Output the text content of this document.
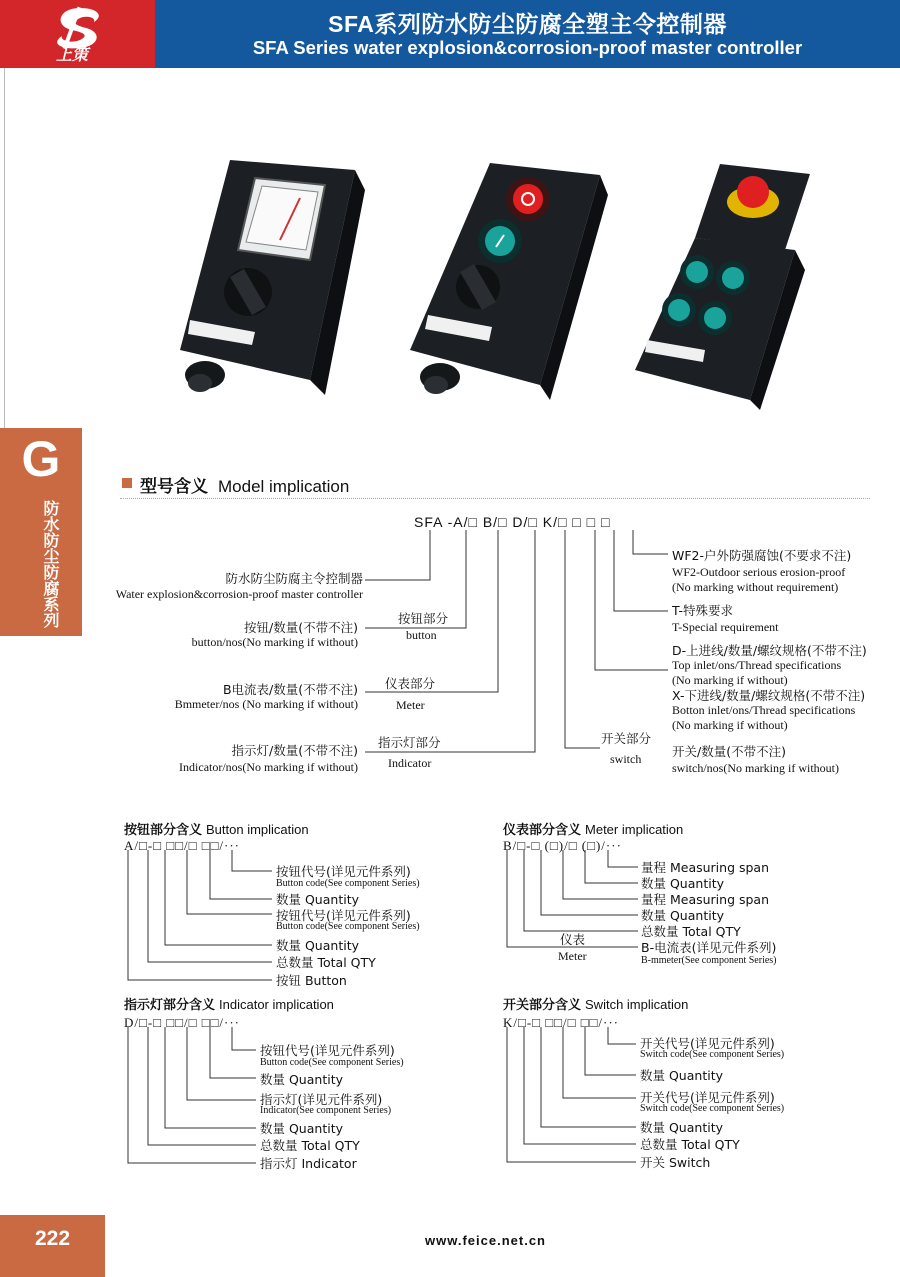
上策
SFA系列防水防尘防腐全塑主令控制器
SFA Series water explosion&corrosion-proof master controller
G
防水防尘防腐系列
型号含义 Model implication
SFA -A/□ B/□ D/□ K/□ □ □ □
防水防尘防腐主令控制器
Water explosion&corrosion-proof master controller
按钮部分
button
按钮/数量(不带不注)
button/nos(No marking if without)
仪表部分
Meter
B电流表/数量(不带不注)
Bmmeter/nos (No marking if without)
指示灯部分
Indicator
指示灯/数量(不带不注)
Indicator/nos(No marking if without)
开关部分
switch
WF2-户外防强腐蚀(不要求不注)
WF2-Outdoor serious erosion-proof
(No marking without requirement)
T-特殊要求
T-Special requirement
D-上进线/数量/螺纹规格(不带不注)
Top inlet/ons/Thread specifications
(No marking if without)
X-下进线/数量/螺纹规格(不带不注)
Botton inlet/ons/Thread specifications
(No marking if without)
开关/数量(不带不注)
switch/nos(No marking if without)
按钮部分含义 Button implication
A/□-□ □□/□ □□/···
按钮代号(详见元件系列)
Button code(See component Series)
数量 Quantity
按钮代号(详见元件系列)
Button code(See component Series)
数量 Quantity
总数量 Total QTY
按钮 Button
仪表部分含义 Meter implication
B/□-□ (□)/□ (□)/···
量程 Measuring span
数量 Quantity
量程 Measuring span
数量 Quantity
总数量 Total QTY
仪表
Meter
B-电流表(详见元件系列)
B-mmeter(See component Series)
指示灯部分含义 Indicator implication
D/□-□ □□/□ □□/···
按钮代号(详见元件系列)
Button code(See component Series)
数量 Quantity
指示灯(详见元件系列)
Indicator(See component Series)
数量 Quantity
总数量 Total QTY
指示灯 Indicator
开关部分含义 Switch implication
K/□-□ □□/□ □□/···
开关代号(详见元件系列)
Switch code(See component Series)
数量 Quantity
开关代号(详见元件系列)
Switch code(See component Series)
数量 Quantity
总数量 Total QTY
开关 Switch
222	www.feice.net.cn
